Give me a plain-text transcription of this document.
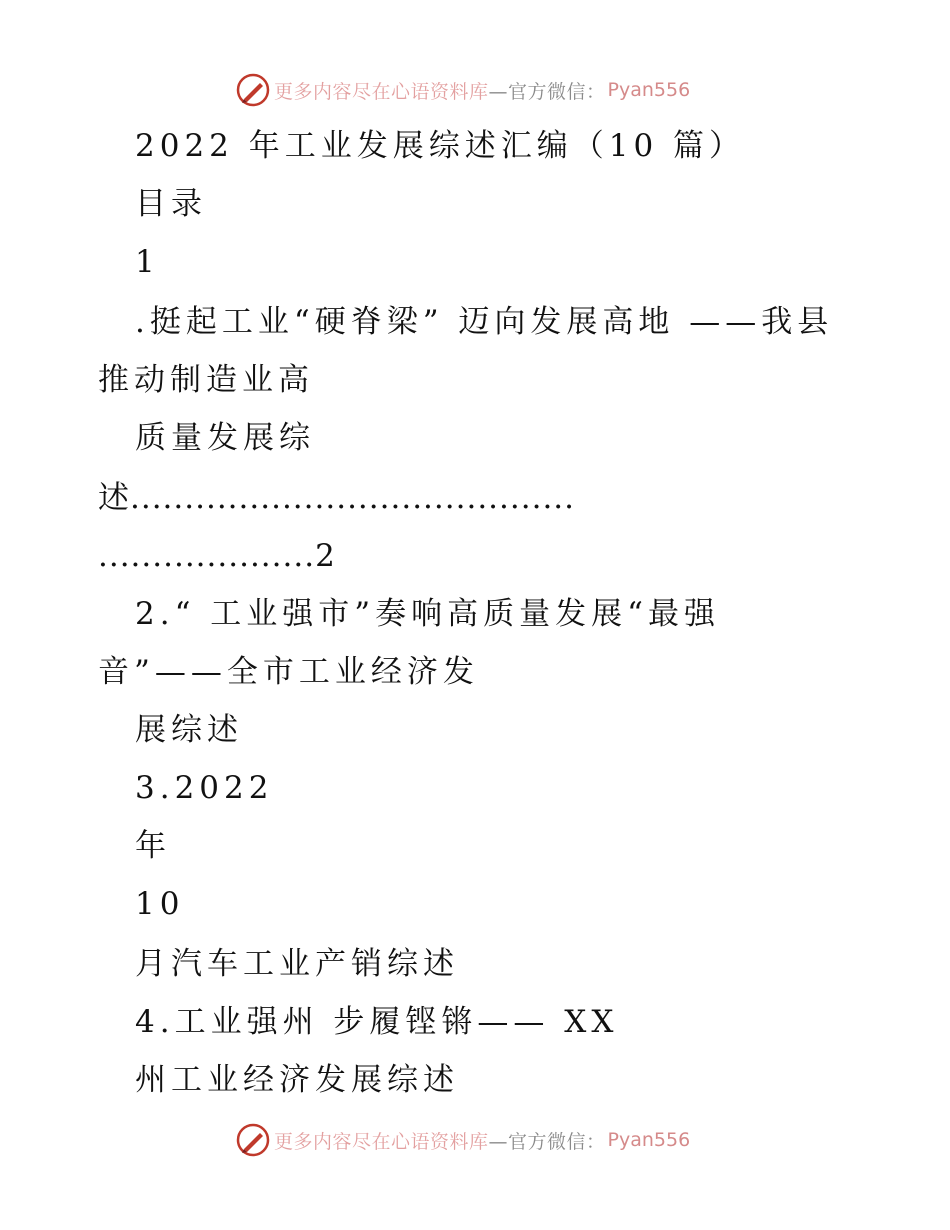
更多内容尽在心语资料库 —官方微信： Pyan556
2022 年工业发展综述汇编（10 篇）
目录
1
.挺起工业“硬脊梁” 迈向发展高地 ——我县
推动制造业高
质量发展综
述.........................................
....................2
2.“ 工业强市”奏响高质量发展“最强
音”——全市工业经济发
展综述
3.2022
年
10
月汽车工业产销综述
4.工业强州 步履铿锵—— XX
州工业经济发展综述
更多内容尽在心语资料库 —官方微信： Pyan556
